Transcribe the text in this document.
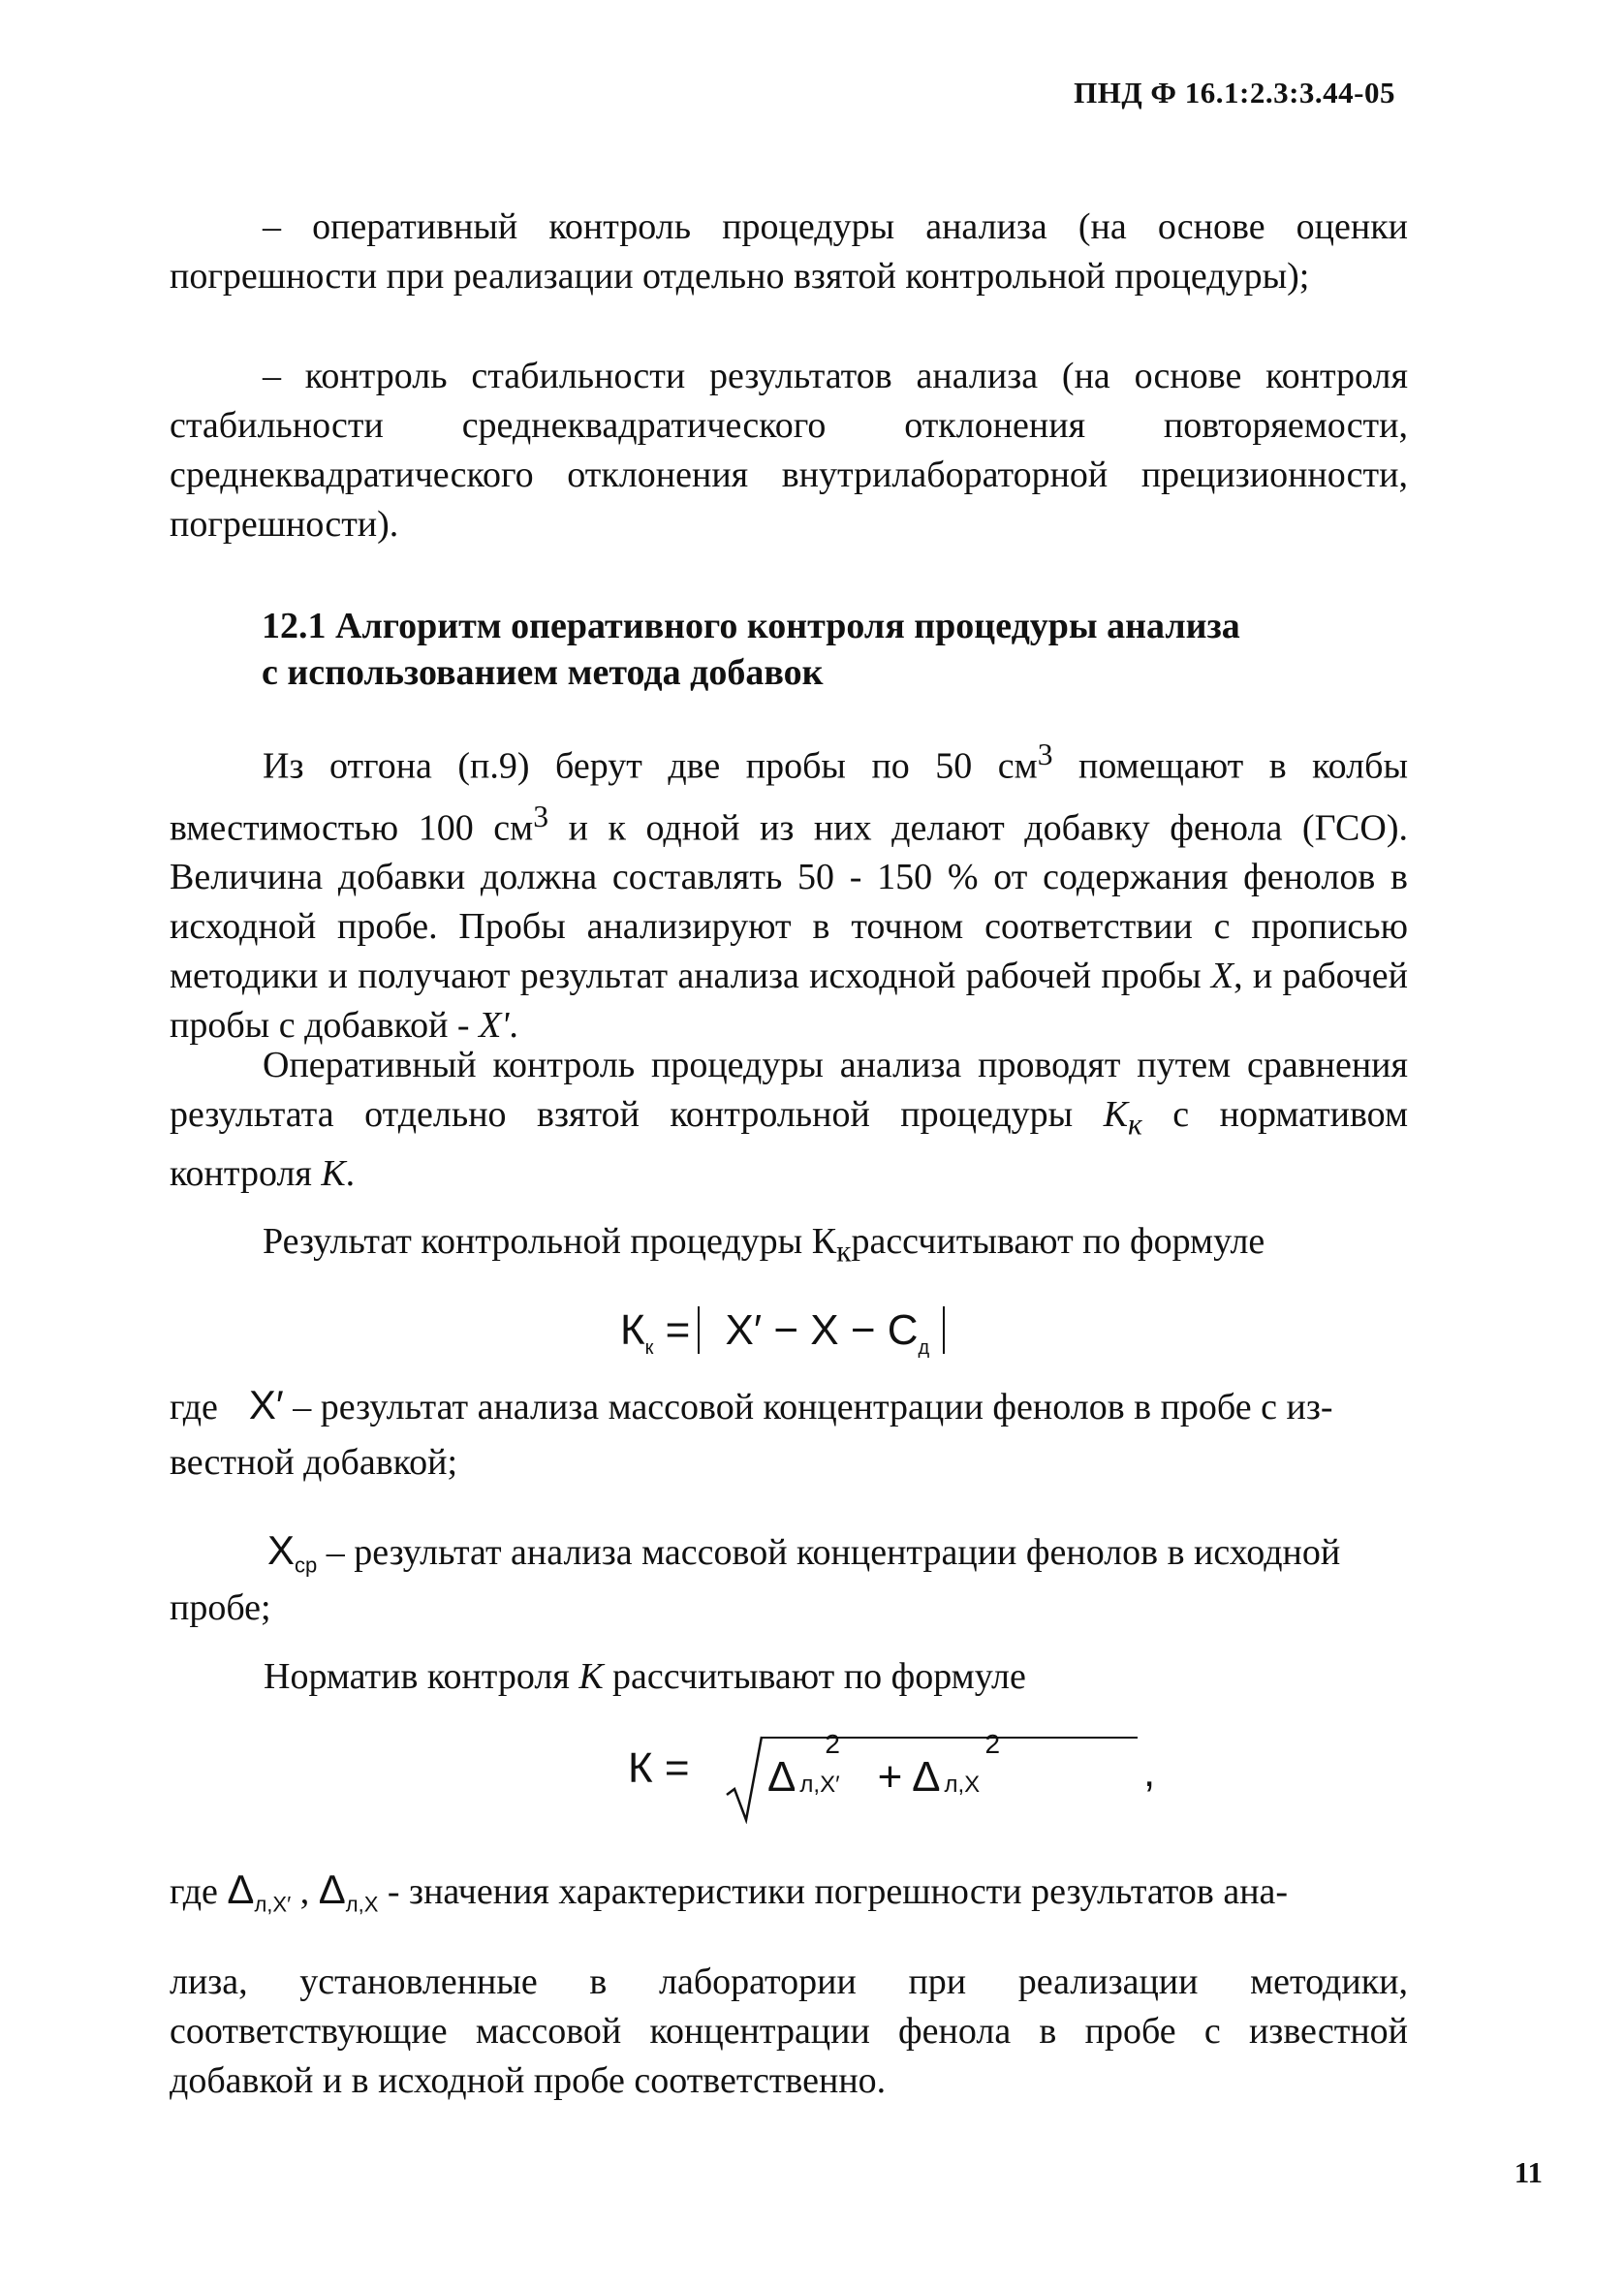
ПНД Ф 16.1:2.3:3.44-05

– оперативный контроль процедуры анализа (на основе оценки погрешности при реализации отдельно взятой контрольной процедуры);

– контроль стабильности результатов анализа (на основе контроля стабильности среднеквадратического отклонения повторяемости, среднеквадратического отклонения внутрилабораторной прецизионности, погрешности).

12.1 Алгоритм оперативного контроля процедуры анализа
с использованием метода добавок

Из отгона (п.9) берут две пробы по 50 $см^3$ помещают в колбы вместимостью 100 $см^3$ и к одной из них делают добавку фенола (ГСО). Величина добавки должна составлять 50 - 150 % от содержания фенолов в исходной пробе. Пробы анализируют в точном соответствии с прописью методики и получают результат анализа исходной рабочей пробы X, и рабочей пробы с добавкой - X'.

Оперативный контроль процедуры анализа проводят путем сравнения результата отдельно взятой контрольной процедуры $К_к$ с нормативом контроля К.

Результат контрольной процедуры $К_крассчитывают$ по формуле

$К_к = X' - X - C_д$

где X′ – результат анализа массовой концентрации фенолов в пробе с из-

вестной добавкой;

$X_{ср}$ – результат анализа массовой концентрации фенолов в исходной

пробе;

Норматив контроля К рассчитывают по формуле

К = Δ
2
л,X′ + Δ
2
л,X	,

где $\Delta_{л,X'}$ , $\Delta_{л,X}$ - значения характеристики погрешности результатов ана-

лиза, установленные в лаборатории при реализации методики, соответствующие массовой концентрации фенола в пробе с известной добавкой и в исходной пробе соответственно.

11
